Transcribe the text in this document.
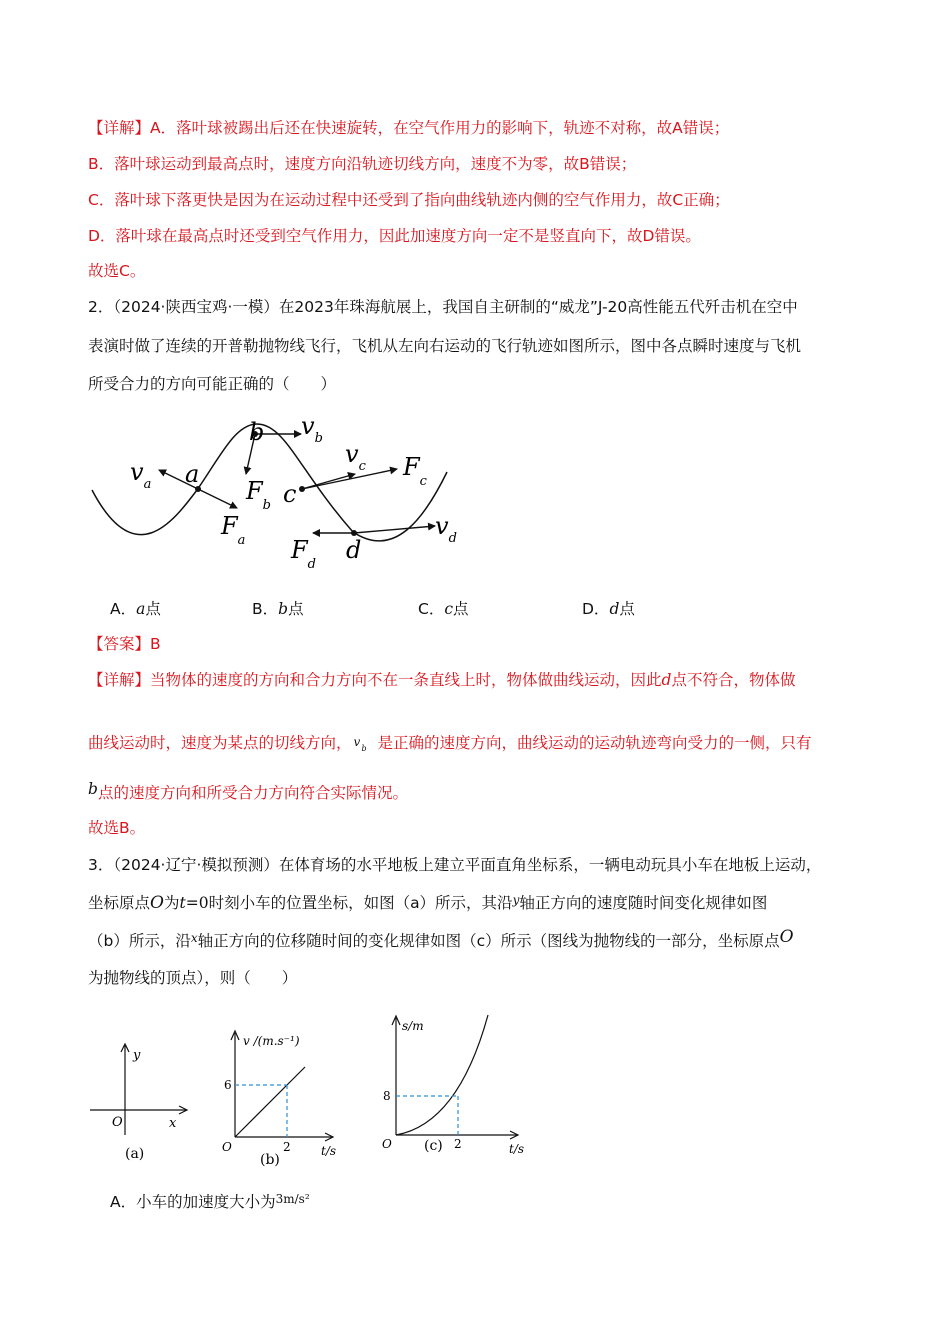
【详解】A．落叶球被踢出后还在快速旋转，在空气作用力的影响下，轨迹不对称，故A错误；
B．落叶球运动到最高点时，速度方向沿轨迹切线方向，速度不为零，故B错误；
C．落叶球下落更快是因为在运动过程中还受到了指向曲线轨迹内侧的空气作用力，故C正确；
D．落叶球在最高点时还受到空气作用力，因此加速度方向一定不是竖直向下，故D错误。
故选C。
2．（2024·陕西宝鸡·一模）在2023年珠海航展上，我国自主研制的“威龙”J-20高性能五代歼击机在空中
表演时做了连续的开普勒抛物线飞行，飞机从左向右运动的飞行轨迹如图所示，图中各点瞬时速度与飞机
所受合力的方向可能正确的（　　）
$v_a$ a
$F_a$
b $v_b$
$F_b$ c
$v_c$ $F_c$
$F_d$
d
$v_d$
A．a点	B．b点	C．c点	D．d点
【答案】B
【详解】当物体的速度的方向和合力方向不在一条直线上时，物体做曲线运动，因此d点不符合，物体做
曲线运动时，速度为某点的切线方向， v b 是正确的速度方向，曲线运动的运动轨迹弯向受力的一侧，只有
b点的速度方向和所受合力方向符合实际情况。
故选B。
3．（2024·辽宁·模拟预测）在体育场的水平地板上建立平面直角坐标系，一辆电动玩具小车在地板上运动，
坐标原点O为t=0时刻小车的位置坐标，如图（a）所示，其沿$^y$轴正方向的速度随时间变化规律如图
（b）所示，沿$^x$轴正方向的位移随时间的变化规律如图（c）所示（图线为抛物线的一部分，坐标原点O
为抛物线的顶点），则（　　）
y
x
O
(a)
v /(m.s⁻¹)
6
2
O	t/s
(b)
s/m
8
2
O	t/s
(c)
A．小车的加速度大小为$^{3m/s^2}$
